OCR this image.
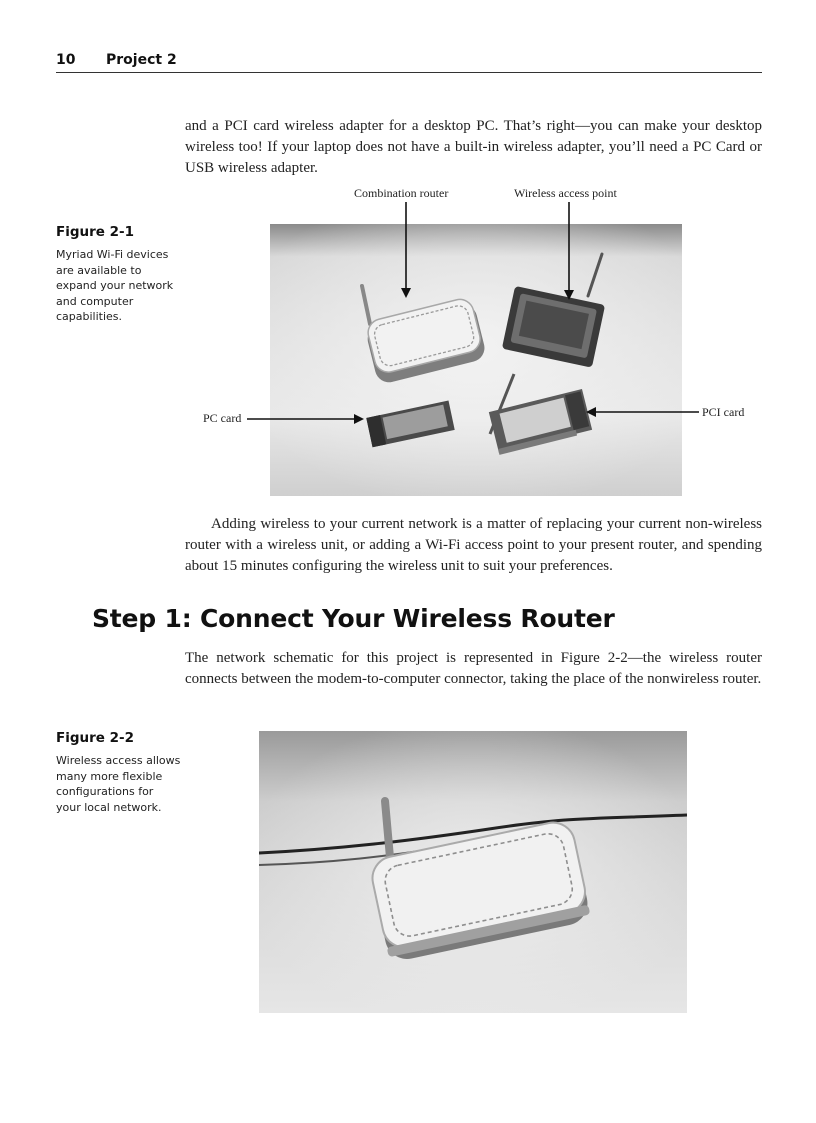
10 Project 2

and a PCI card wireless adapter for a desktop PC. That’s right—you can make your desktop wireless too! If your laptop does not have a built-in wireless adapter, you’ll need a PC Card or USB wireless adapter.

Figure 2-1
Myriad Wi-Fi devices are available to expand your network and computer capabilities.
Combination router	Wireless access point
PC card	PCI card

Adding wireless to your current network is a matter of replacing your current non-wireless router with a wireless unit, or adding a Wi-Fi access point to your present router, and spending about 15 minutes configuring the wireless unit to suit your preferences.

Step 1: Connect Your Wireless Router

The network schematic for this project is represented in Figure 2-2—the wireless router connects between the modem-to-computer connector, taking the place of the nonwireless router.

Figure 2-2
Wireless access allows many more flexible configurations for your local network.
